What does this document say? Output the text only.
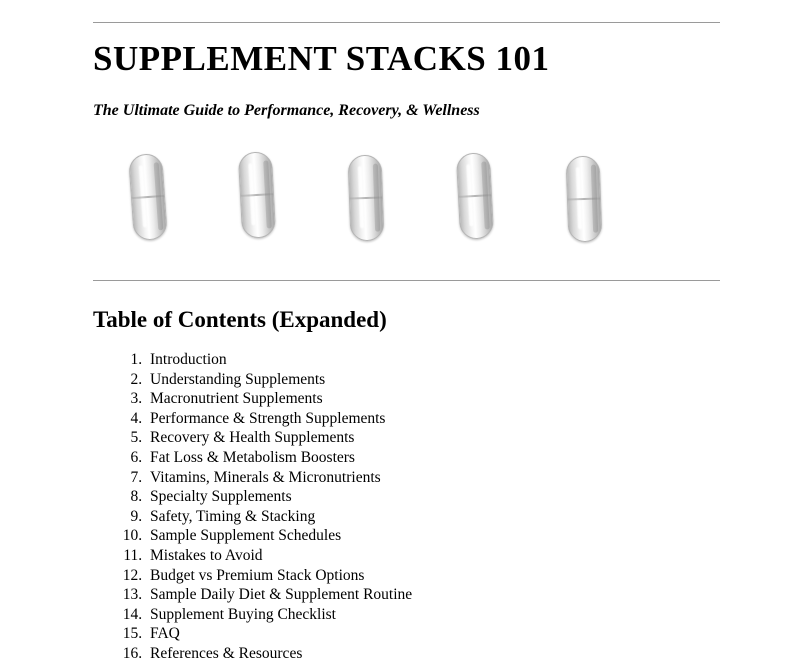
SUPPLEMENT STACKS 101
The Ultimate Guide to Performance, Recovery, & Wellness
Table of Contents (Expanded)
1. Introduction
2. Understanding Supplements
3. Macronutrient Supplements
4. Performance & Strength Supplements
5. Recovery & Health Supplements
6. Fat Loss & Metabolism Boosters
7. Vitamins, Minerals & Micronutrients
8. Specialty Supplements
9. Safety, Timing & Stacking
10. Sample Supplement Schedules
11. Mistakes to Avoid
12. Budget vs Premium Stack Options
13. Sample Daily Diet & Supplement Routine
14. Supplement Buying Checklist
15. FAQ
16. References & Resources
